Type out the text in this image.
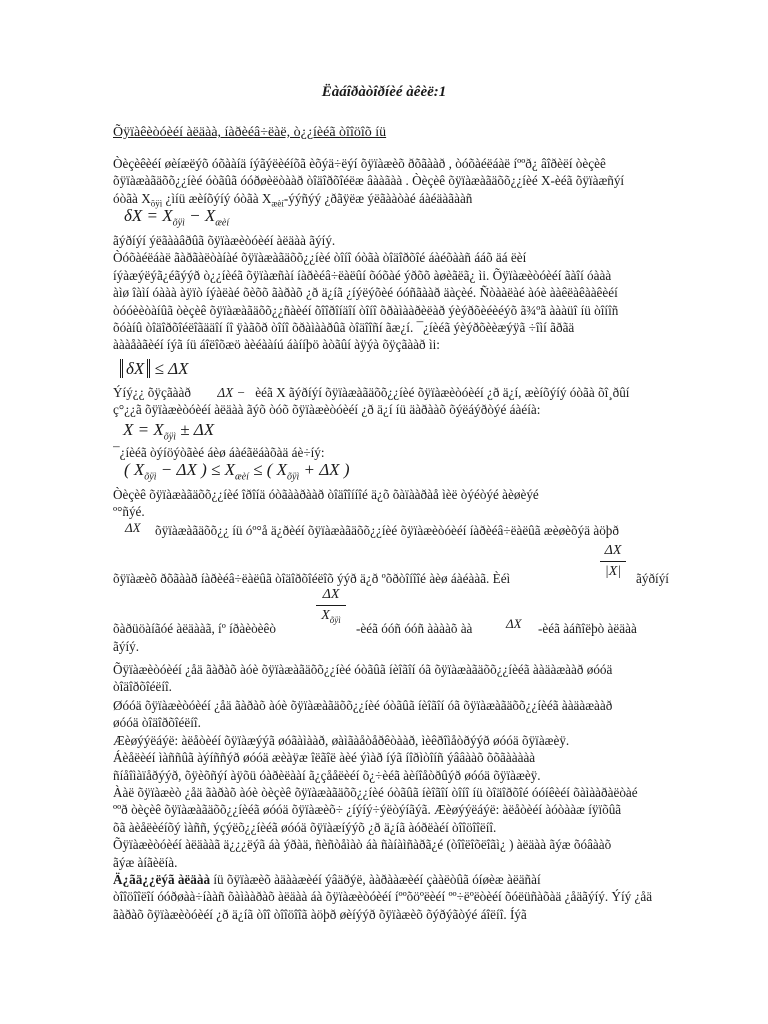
Ëàáîðàòîðíèé àêèë:1
Õÿïàêèòóèéí àëäàà, íàðèéâ÷ëàë, ò¿¿íèéã òîîöîõ íü
Òèçèêèéí øèíæëýõ óõààíä íýãýëèéíõã èõýä÷ëýí õÿïàæèõ ðõãààð , òóõàéëáàë íººð¿ âîðèëí òèçèê
õÿïàæàãäõõ¿¿íèé óòãûã óóðøèëòààð òîäîðõîéëæ âààãàà . Òèçèê õÿïàæàãäõõ¿¿íèé X-èéã õÿïàæñýí
óòãà $X_{õÿì}$ ¿ìíü æèíõýíý óòãà $X_{æèí}$-ýýñýý ¿ðãÿëæ ýëãààòàé áàéäàãààñ
$\delta X = X_{õÿì} - X_{æèí}$
ãýðíýí ýëãààâðûã õÿïàæèòóèéí àëäàà ãýíý.
Òóõàéëáàë ãàðãàëòàíàé õÿïàæàãäõõ¿¿íèé òîíî óòãà òîäîðõîé áàéõààñ ááõ äá ëèí
íýàæýëýã¿éãýýð ò¿¿íèéã õÿïàæñàí íàðèéâ÷ëàëûí õóõàé ýðõõ àøèãëã¿ ìi. Õÿïàæèòóèéí ãàîí óààà
àìø îàìí óààà àÿïò íýàëàé õèõõ ãàðàõ ¿ð ä¿íã ¿íýëýõèé óóñãààð äàçèé. Ñòààëàé àóè ààêëàêààêèéí
òóóèèòàíûã òèçèê õÿïàæàãäõõ¿¿ñàèéí õîîðîíäîí òîíî õðàìààðèëàð ýèýðõèéèéýõ ã¾ºã àààüî íü òîíîñ
õóàíû òîäîðõîéëîãääîí íî ÿàãõð òîíî õðàìààðûã òîäîîñí ãæ¿í. ¯¿íèéã ýèýðõèèæýÿã ÷îìí ãðãä
àààåàãèéí íýã íü áîëîõæö àèéààíú áàííþö àòãûí àÿýà õÿçãààð ìi:
δX ≤ ΔX
Ýíý¿¿ õÿçãààð ΔX − èéã X ãýðíýí õÿïàæàãäõõ¿¿íèé õÿïàæèòóèéí ¿ð ä¿í, æèíõýíý óòãà õî¸ðûí
ç°¿¿ã õÿïàæèòóèéí àëäàà ãýõ òóõ õÿïàæèòóèéí ¿ð ä¿í íü äàðààõ õýëáýðòýé áàéíà:
$X = X_{õÿì} \pm \Delta X$
¯¿íèéã òýíöýòãèé áèø áàéãëáàõàä áè÷íý:
( $X_{õÿì} - \Delta X$ ) ≤ $X_{æèí}$ ≤ ( $X_{õÿì} + \Delta X$ )
Òèçèê õÿïàæàãäõõ¿¿íèé îðîíä óòãààðààð òîäîîííîé ä¿õ õàïààðàå ìèë òýéòýé àèøèýé
º°ñýé.
ΔX õÿïàæàãäõõ¿¿ íü óº°å ä¿ðèéí õÿïàæàãäõõ¿¿íèé õÿïàæèòóèéí íàðèéâ÷ëàëûã æèøèõýä àöþð
ΔX
|X|
õÿïàæèõ ðõãààð íàðèéâ÷ëàëûã òîäîðõîéëîõ ýýð ä¿ð ºõðòîíîîé àèø áàéààã. Èéì	ãýðíýí
ΔX
$X_{õÿì}$
õàðüöàíãóé àëäààã, íº íðàèòèêò	-èéã óóñ óóñ ààààõ àà	ΔX -èéã àáñîëþò àëäàà
ãýíý.
Õÿïàæèòóèéí ¿åä ãàðàõ àóè õÿïàæàãäõõ¿¿íèé óòãûã íèîãîí óã õÿïàæàãäõõ¿¿íèéã ààäàæààð øóóä
òîäîðõîéëíî.
Øóóä õÿïàæèòóèéí ¿åä ãàðàõ àóè õÿïàæàãäõõ¿¿íèé óòãûã íèîãîí óã õÿïàæàãäõõ¿¿íèéã ààäàæààð
øóóä òîäîðõîéëíî.
Æèøýýëáýë: àëåòèéí õÿïàæýýã øóãàìààð, øàìãàåòåðêòààð, ìèêðîìåòðýýð øóóä õÿïàæèÿ.
Áèåëèéí ìàññûã àýíññýð øóóä æèàÿæ îëãîë àèé ýìàð íýã íîðìòîíñ ýââààõ õõãààààà
ñíåîìàïåðýýð, õÿèõñýí àÿõü óàðèëààí ã¿çååëèéí õ¿÷èéã àèíîåòðûýð øóóä õÿïàæèÿ.
Ààë õÿïàæèò ¿åä ãàðàõ àóè òèçèê õÿïàæàãäõõ¿¿íèé óòãûã íèîãîí òîíî íü òîäîðõîé óóíêèéí õàìààðàëòàé
ººð òèçèê õÿïàæàãäõõ¿¿íèéã øóóä õÿïàæèõ÷ ¿íýíý÷ýëòýíãýã. Æèøýýëáýë: àëåòèéí àóòààæ íÿïõûã
õã àèåëèéíõý ìàññ, ýçýëõ¿¿íèéã øóóä õÿïàæíýýõ ¿ð ä¿íã àóðëàéí òîîöîîëíî.
Õÿïàæèòóèéí àëäààã ä¿¿¿ëýã áà ýðàä, ñèñòåìàò áà ñàíàìñàðã¿é (òîîëîõëîãì¿ ) àëäàà ãýæ õóâààõ
ãýæ àíãèëíà.
Ä¿ãä¿¿ëýã àëäàà íü õÿïàæèõ àäààæèéí ýâäðýë, ààðààæèéí çààëòûã óíøèæ àëäñàí
òîîöîîëîí óóðøàà÷íààñ õàìààðàõ àëäàà áà õÿïàæèòóèéí íººõöºëèéí ºº÷ëºëòèéí õóëüñàõàä ¿åäãýíý. Ýíý ¿åä
ãàðàõ õÿïàæèòóèéí ¿ð ä¿íã òîî òîîöîîã àöþð øèíýýð õÿïàæèõ õýðýãòýé áîëíî. Íýã
